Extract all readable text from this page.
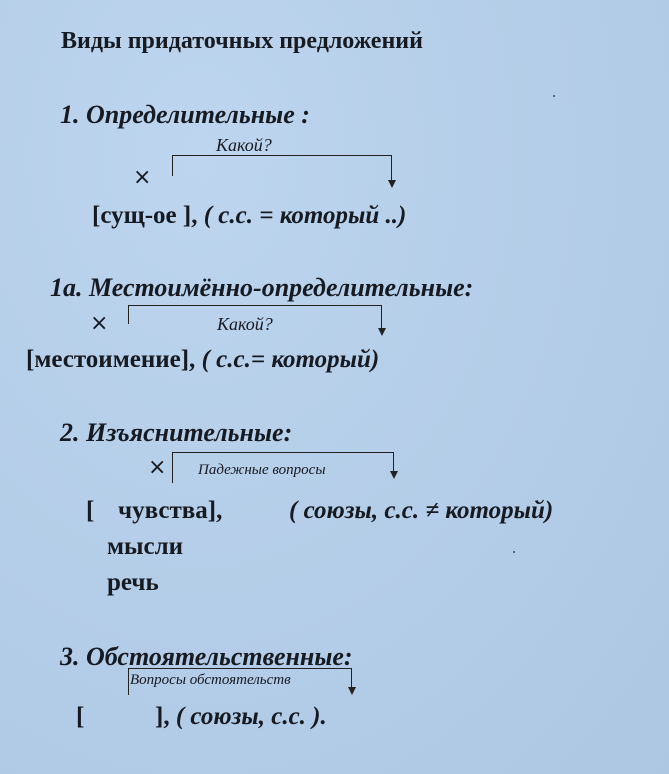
Виды придаточных предложений
1. Определительные :
Какой?
×
[сущ-ое ], ( с.с. = который ..)
1а. Местоимённо-определительные:
Какой?
×
[местоимение], ( с.с.= который)
2. Изъяснительные:
Падежные вопросы
×
[ чувства],
мысли
речь
( союзы, с.с. ≠ который)
3. Обстоятельственные:
Вопросы обстоятельств
[	], ( союзы, с.с. ).
